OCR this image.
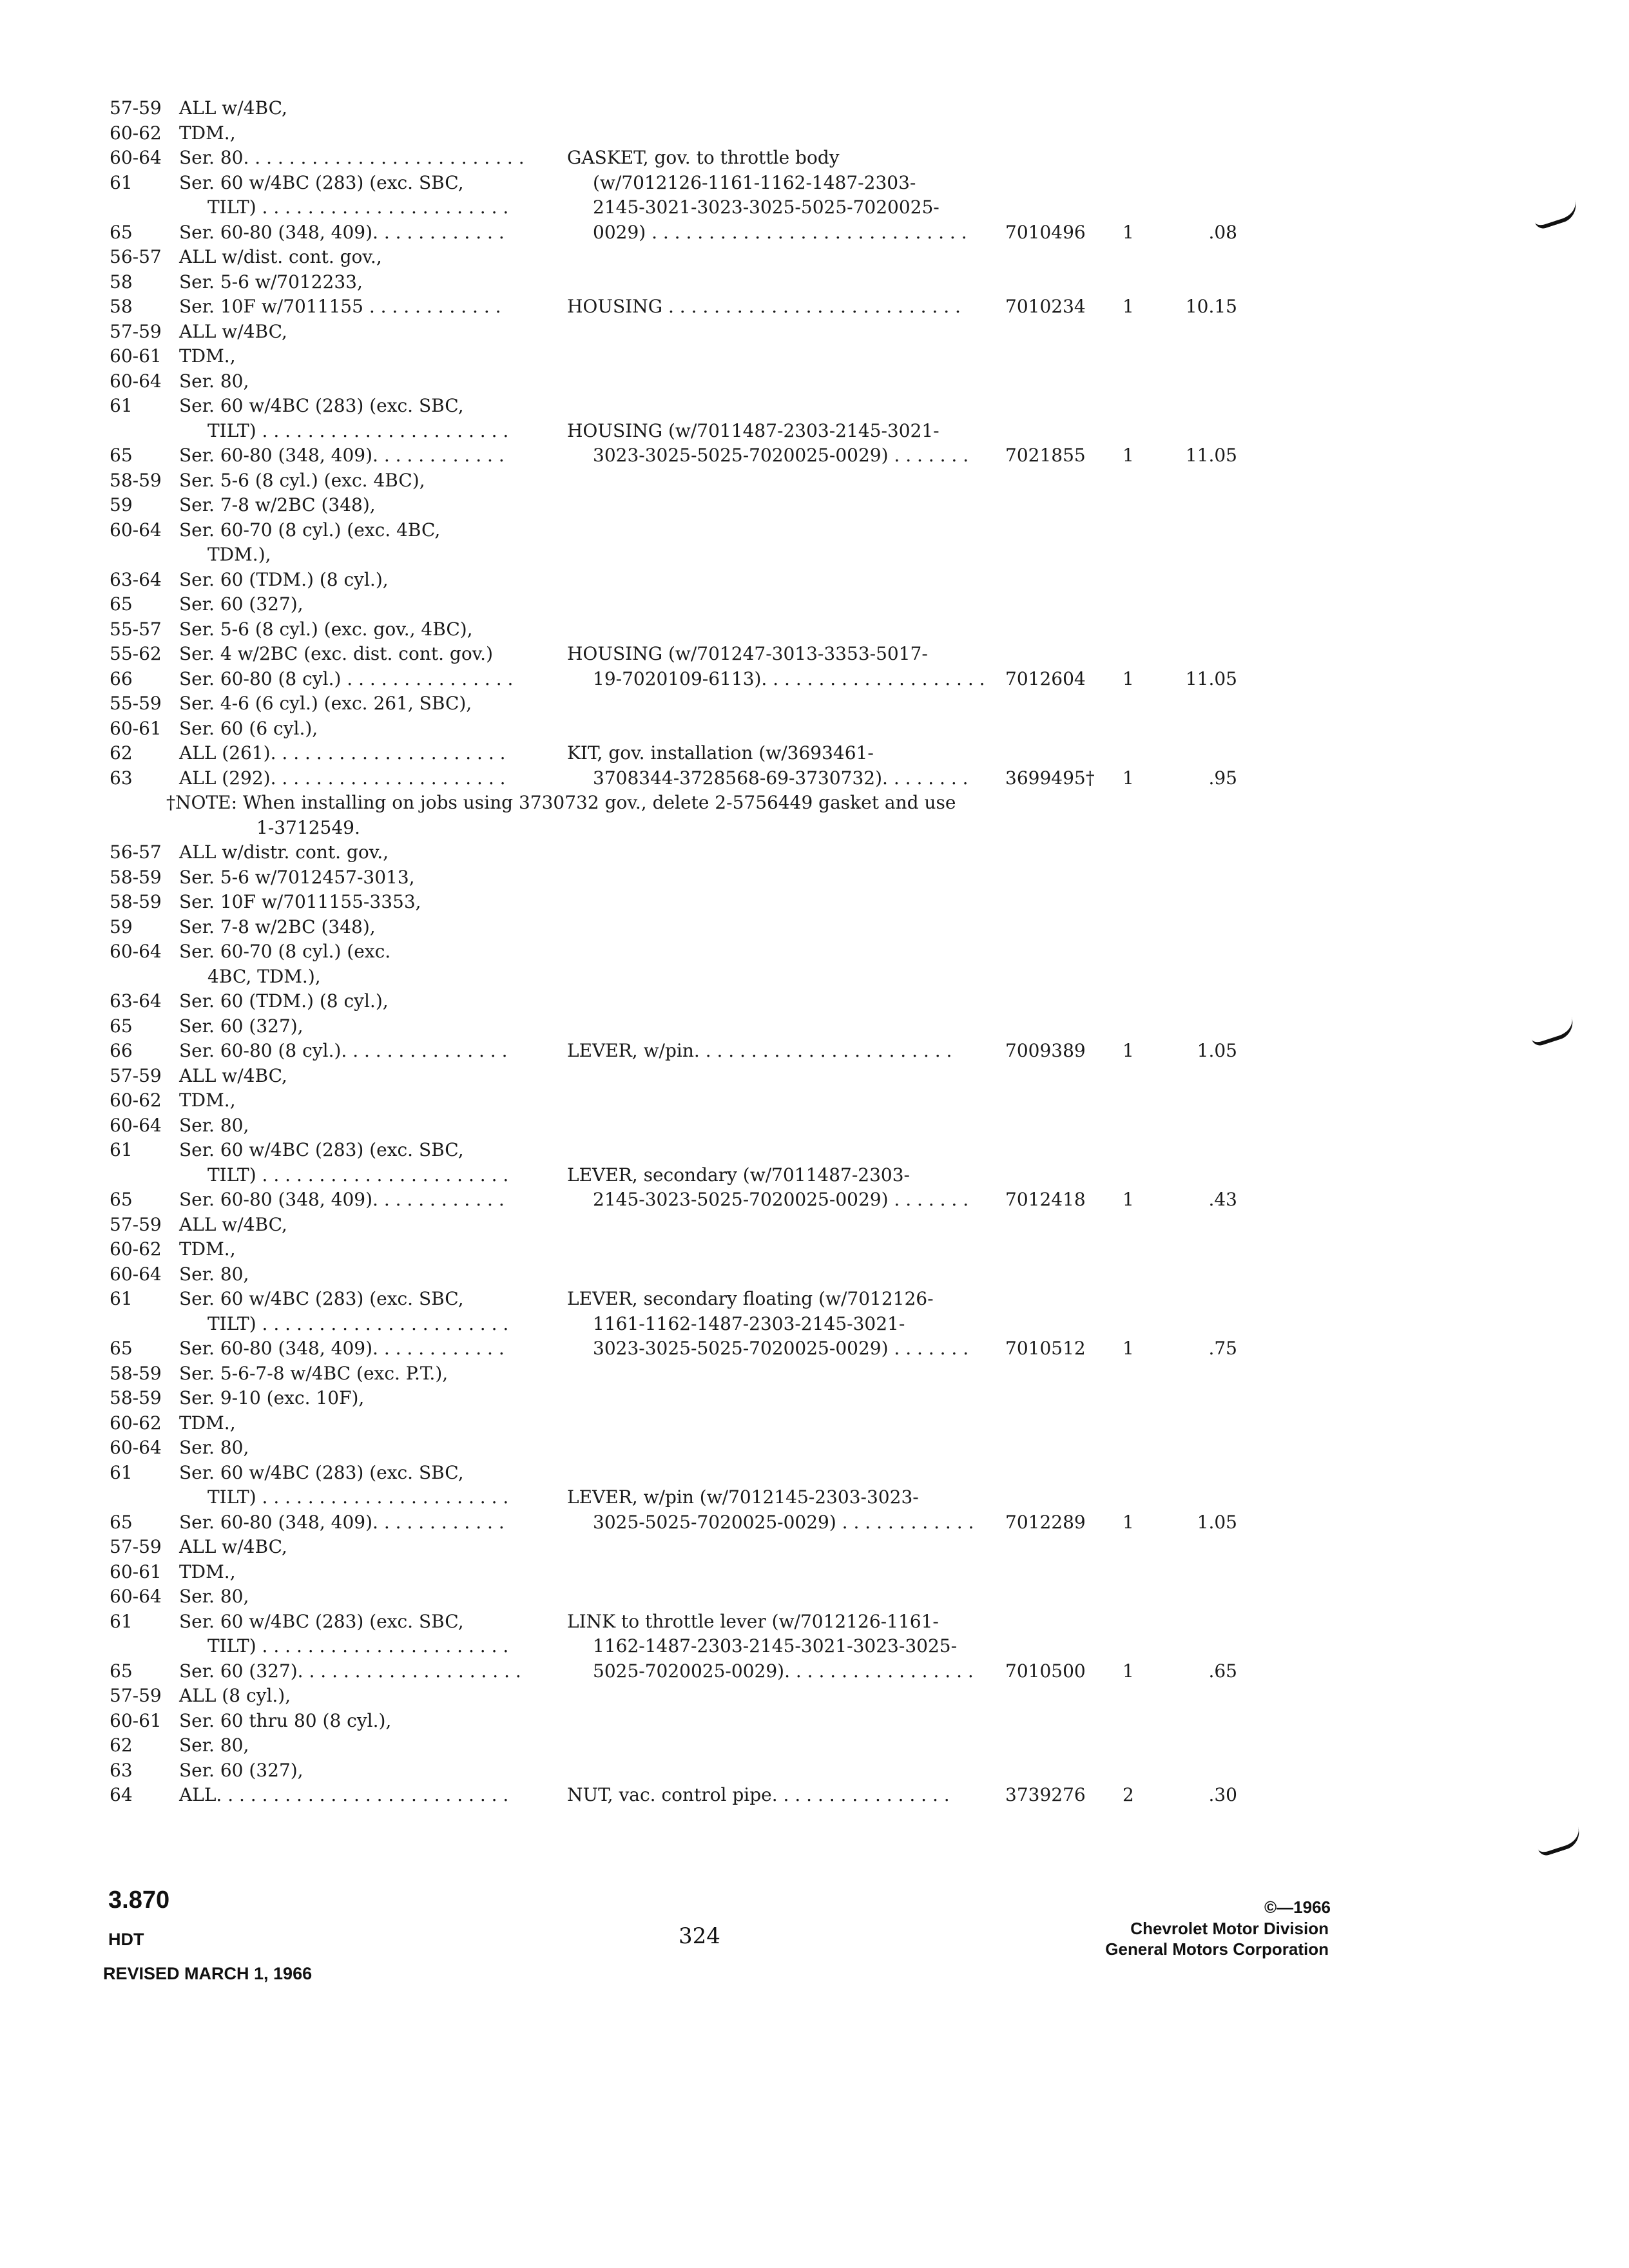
57-59 ALL w/4BC,
60-62 TDM.,
60-64 Ser. 80. . . . . . . . . . . . . . . . . . . . . . . . . GASKET, gov. to throttle body
61	Ser. 60 w/4BC (283) (exc. SBC,	(w/7012126-1161-1162-1487-2303-
TILT) . . . . . . . . . . . . . . . . . . . . . .	2145-3021-3023-3025-5025-7020025-
65	Ser. 60-80 (348, 409). . . . . . . . . . . .	0029) . . . . . . . . . . . . . . . . . . . . . . . . . . . . 7010496 1	.08
56-57 ALL w/dist. cont. gov.,
58	Ser. 5-6 w/7012233,
58	Ser. 10F w/7011155 . . . . . . . . . . . .	HOUSING . . . . . . . . . . . . . . . . . . . . . . . . . . 7010234 1	10.15
57-59 ALL w/4BC,
60-61 TDM.,
60-64 Ser. 80,
61	Ser. 60 w/4BC (283) (exc. SBC,
TILT) . . . . . . . . . . . . . . . . . . . . . .	HOUSING (w/7011487-2303-2145-3021-
65	Ser. 60-80 (348, 409). . . . . . . . . . . .	3023-3025-5025-7020025-0029) . . . . . . . 7021855 1	11.05
58-59 Ser. 5-6 (8 cyl.) (exc. 4BC),
59	Ser. 7-8 w/2BC (348),
60-64 Ser. 60-70 (8 cyl.) (exc. 4BC,
TDM.),
63-64 Ser. 60 (TDM.) (8 cyl.),
65	Ser. 60 (327),
55-57 Ser. 5-6 (8 cyl.) (exc. gov., 4BC),
55-62 Ser. 4 w/2BC (exc. dist. cont. gov.)	HOUSING (w/701247-3013-3353-5017-
66	Ser. 60-80 (8 cyl.) . . . . . . . . . . . . . . .	19-7020109-6113). . . . . . . . . . . . . . . . . . . . 7012604 1	11.05
55-59 Ser. 4-6 (6 cyl.) (exc. 261, SBC),
60-61 Ser. 60 (6 cyl.),
62	ALL (261). . . . . . . . . . . . . . . . . . . . .	KIT, gov. installation (w/3693461-
63	ALL (292). . . . . . . . . . . . . . . . . . . . .	3708344-3728568-69-3730732). . . . . . . . 3699495† 1	.95
†NOTE: When installing on jobs using 3730732 gov., delete 2-5756449 gasket and use
1-3712549.
56-57 ALL w/distr. cont. gov.,
58-59 Ser. 5-6 w/7012457-3013,
58-59 Ser. 10F w/7011155-3353,
59	Ser. 7-8 w/2BC (348),
60-64 Ser. 60-70 (8 cyl.) (exc.
4BC, TDM.),
63-64 Ser. 60 (TDM.) (8 cyl.),
65	Ser. 60 (327),
66	Ser. 60-80 (8 cyl.). . . . . . . . . . . . . . .	LEVER, w/pin. . . . . . . . . . . . . . . . . . . . . . .	7009389 1	1.05
57-59 ALL w/4BC,
60-62 TDM.,
60-64 Ser. 80,
61	Ser. 60 w/4BC (283) (exc. SBC,
TILT) . . . . . . . . . . . . . . . . . . . . . .	LEVER, secondary (w/7011487-2303-
65	Ser. 60-80 (348, 409). . . . . . . . . . . .	2145-3023-5025-7020025-0029) . . . . . . . 7012418 1	.43
57-59 ALL w/4BC,
60-62 TDM.,
60-64 Ser. 80,
61	Ser. 60 w/4BC (283) (exc. SBC,	LEVER, secondary floating (w/7012126-
TILT) . . . . . . . . . . . . . . . . . . . . . .	1161-1162-1487-2303-2145-3021-
65	Ser. 60-80 (348, 409). . . . . . . . . . . .	3023-3025-5025-7020025-0029) . . . . . . . 7010512 1	.75
58-59 Ser. 5-6-7-8 w/4BC (exc. P.T.),
58-59 Ser. 9-10 (exc. 10F),
60-62 TDM.,
60-64 Ser. 80,
61	Ser. 60 w/4BC (283) (exc. SBC,
TILT) . . . . . . . . . . . . . . . . . . . . . .	LEVER, w/pin (w/7012145-2303-3023-
65	Ser. 60-80 (348, 409). . . . . . . . . . . .	3025-5025-7020025-0029) . . . . . . . . . . . . 7012289 1	1.05
57-59 ALL w/4BC,
60-61 TDM.,
60-64 Ser. 80,
61	Ser. 60 w/4BC (283) (exc. SBC,	LINK to throttle lever (w/7012126-1161-
TILT) . . . . . . . . . . . . . . . . . . . . . .	1162-1487-2303-2145-3021-3023-3025-
65	Ser. 60 (327). . . . . . . . . . . . . . . . . . . .	5025-7020025-0029). . . . . . . . . . . . . . . . . 7010500 1	.65
57-59 ALL (8 cyl.),
60-61 Ser. 60 thru 80 (8 cyl.),
62	Ser. 80,
63	Ser. 60 (327),
64	ALL. . . . . . . . . . . . . . . . . . . . . . . . . .	NUT, vac. control pipe. . . . . . . . . . . . . . . .	3739276 2	.30
3.870
HDT
REVISED MARCH 1, 1966
324
©—1966
Chevrolet Motor Division
General Motors Corporation
